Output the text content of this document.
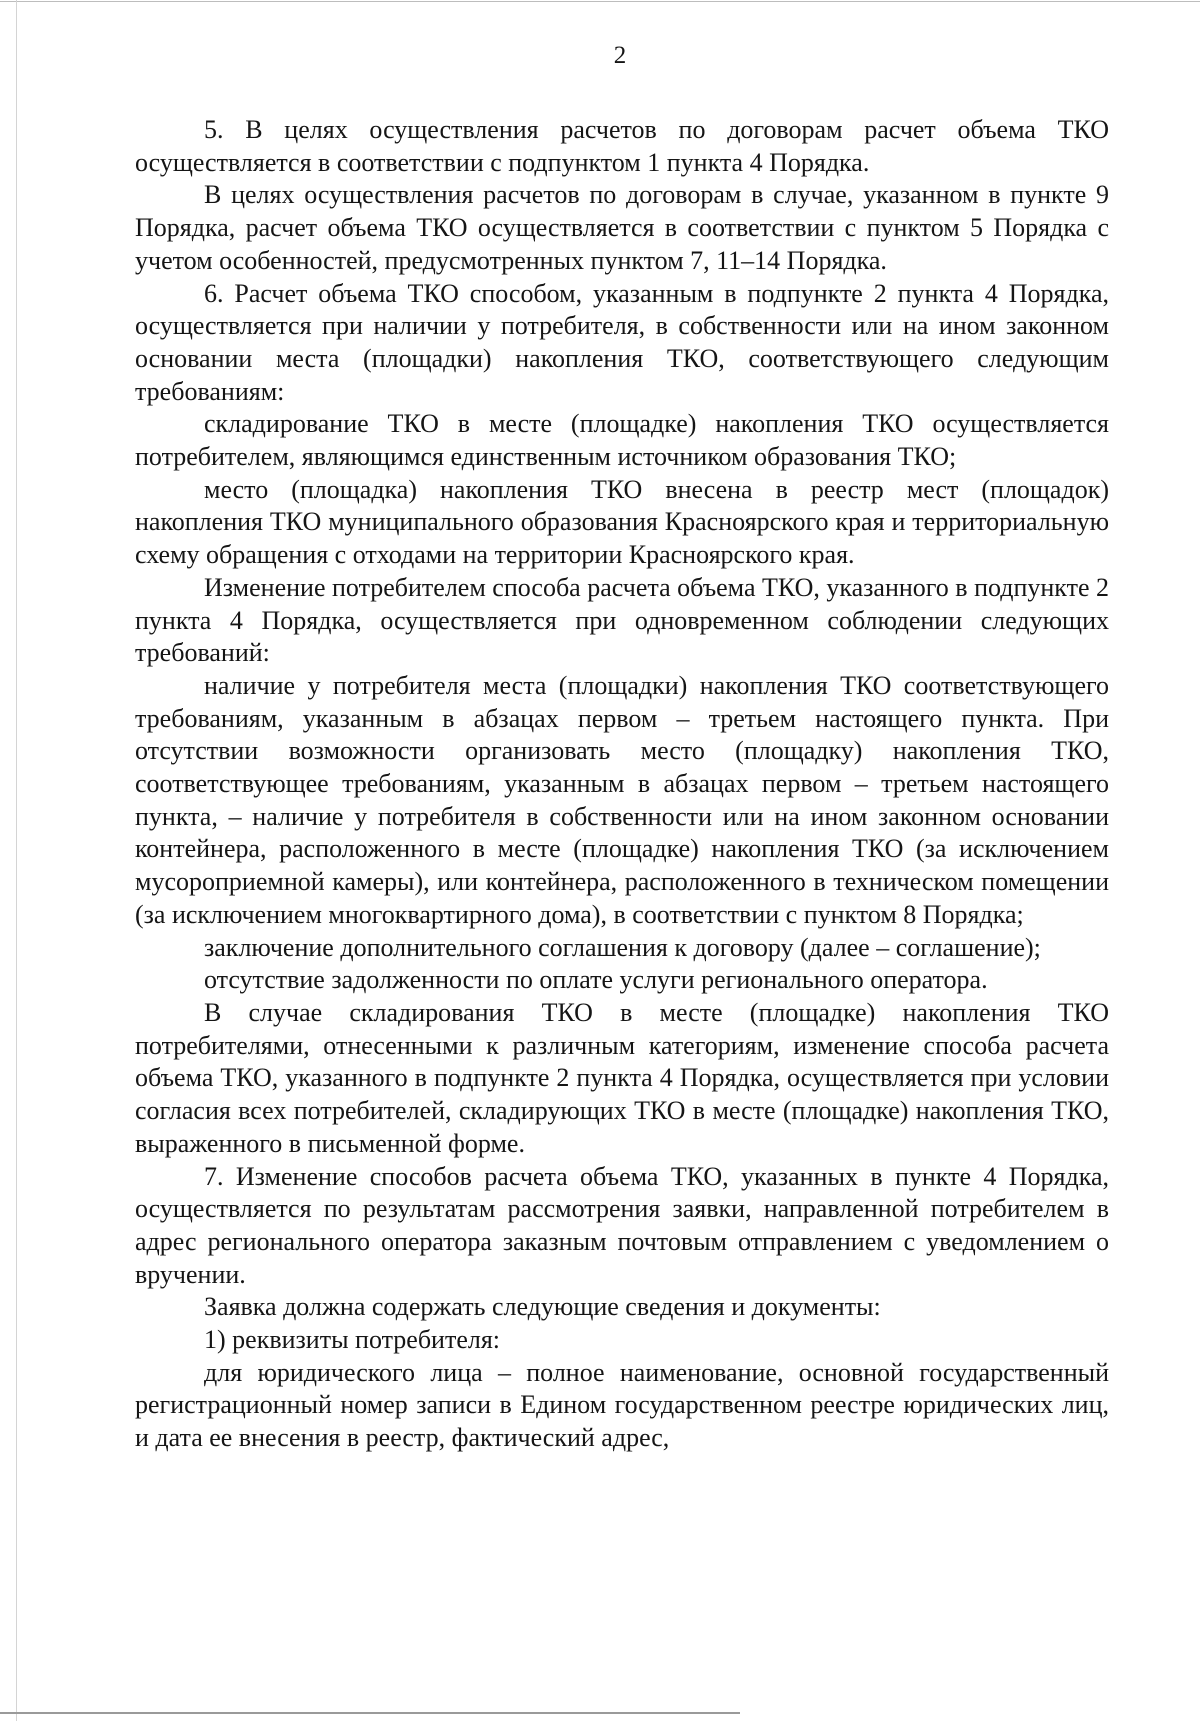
2

5. В целях осуществления расчетов по договорам расчет объема ТКО осуществляется в соответствии с подпунктом 1 пункта 4 Порядка.

В целях осуществления расчетов по договорам в случае, указанном в пункте 9 Порядка, расчет объема ТКО осуществляется в соответствии с пунктом 5 Порядка с учетом особенностей, предусмотренных пунктом 7, 11–14 Порядка.

6. Расчет объема ТКО способом, указанным в подпункте 2 пункта 4 Порядка, осуществляется при наличии у потребителя, в собственности или на ином законном основании места (площадки) накопления ТКО, соответствующего следующим требованиям:

складирование ТКО в месте (площадке) накопления ТКО осуществляется потребителем, являющимся единственным источником образования ТКО;

место (площадка) накопления ТКО внесена в реестр мест (площадок) накопления ТКО муниципального образования Красноярского края и территориальную схему обращения с отходами на территории Красноярского края.

Изменение потребителем способа расчета объема ТКО, указанного в подпункте 2 пункта 4 Порядка, осуществляется при одновременном соблюдении следующих требований:

наличие у потребителя места (площадки) накопления ТКО соответствующего требованиям, указанным в абзацах первом – третьем настоящего пункта. При отсутствии возможности организовать место (площадку) накопления ТКО, соответствующее требованиям, указанным в абзацах первом – третьем настоящего пункта, – наличие у потребителя в собственности или на ином законном основании контейнера, расположенного в месте (площадке) накопления ТКО (за исключением мусороприемной камеры), или контейнера, расположенного в техническом помещении (за исключением многоквартирного дома), в соответствии с пунктом 8 Порядка;

заключение дополнительного соглашения к договору (далее – соглашение);

отсутствие задолженности по оплате услуги регионального оператора.

В случае складирования ТКО в месте (площадке) накопления ТКО потребителями, отнесенными к различным категориям, изменение способа расчета объема ТКО, указанного в подпункте 2 пункта 4 Порядка, осуществляется при условии согласия всех потребителей, складирующих ТКО в месте (площадке) накопления ТКО, выраженного в письменной форме.

7. Изменение способов расчета объема ТКО, указанных в пункте 4 Порядка, осуществляется по результатам рассмотрения заявки, направленной потребителем в адрес регионального оператора заказным почтовым отправлением с уведомлением о вручении.

Заявка должна содержать следующие сведения и документы:

1) реквизиты потребителя:

для юридического лица – полное наименование, основной государственный регистрационный номер записи в Едином государственном реестре юридических лиц, и дата ее внесения в реестр, фактический адрес,
